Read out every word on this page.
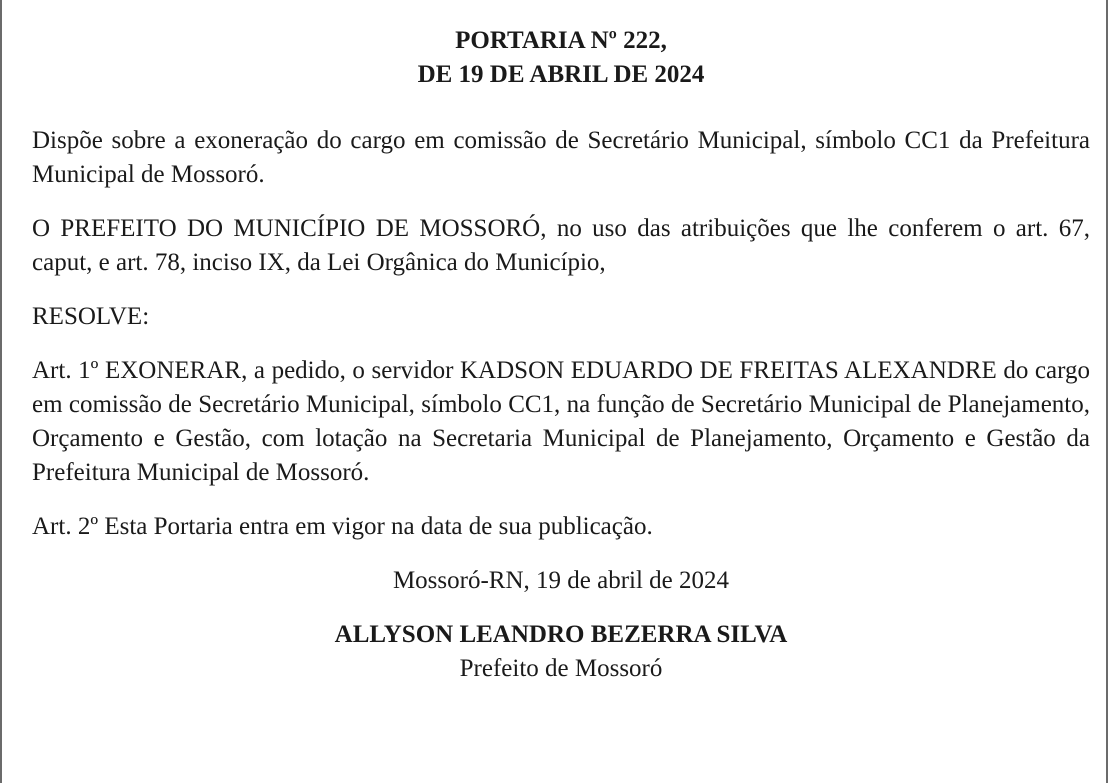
PORTARIA Nº 222,
DE 19 DE ABRIL DE 2024

Dispõe sobre a exoneração do cargo em comissão de Secretário Municipal, símbolo CC1 da Prefeitura Municipal de Mossoró.

O PREFEITO DO MUNICÍPIO DE MOSSORÓ, no uso das atribuições que lhe conferem o art. 67, caput, e art. 78, inciso IX, da Lei Orgânica do Município,

RESOLVE:

Art. 1º EXONERAR, a pedido, o servidor KADSON EDUARDO DE FREITAS ALEXANDRE do cargo em comissão de Secretário Municipal, símbolo CC1, na função de Secretário Municipal de Planejamento, Orçamento e Gestão, com lotação na Secretaria Municipal de Planejamento, Orçamento e Gestão da Prefeitura Municipal de Mossoró.

Art. 2º Esta Portaria entra em vigor na data de sua publicação.

Mossoró-RN, 19 de abril de 2024

ALLYSON LEANDRO BEZERRA SILVA

Prefeito de Mossoró
